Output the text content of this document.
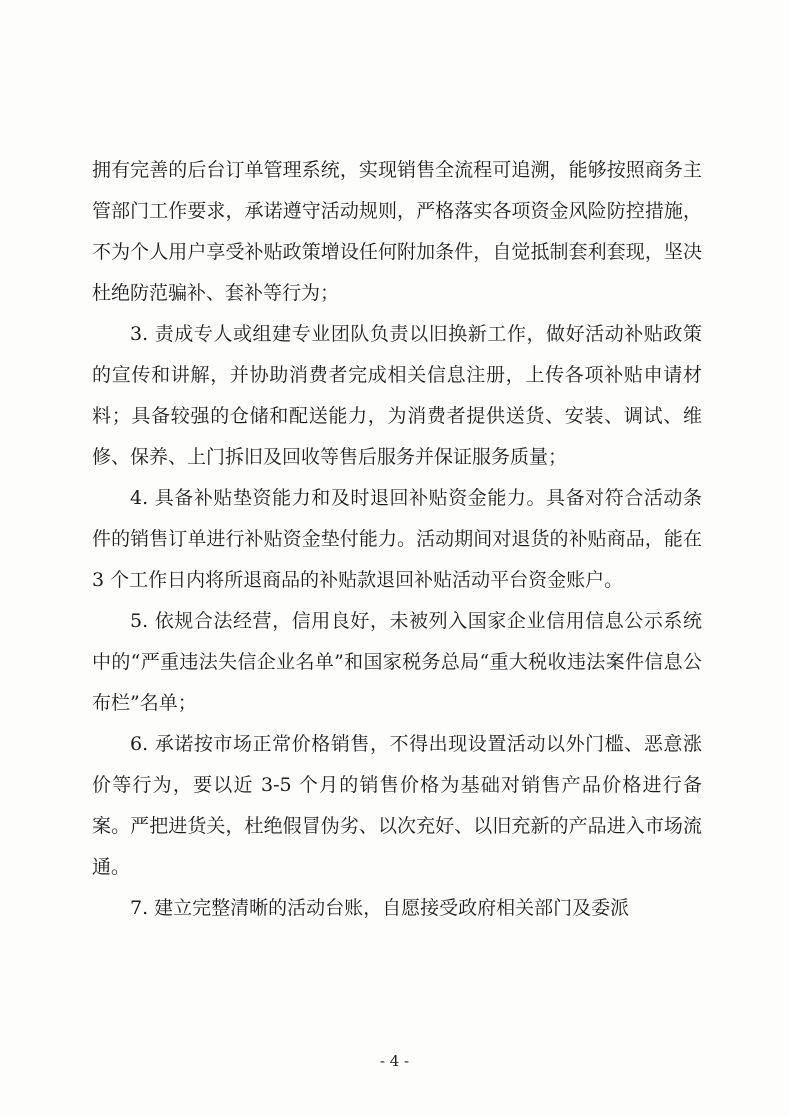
拥有完善的后台订单管理系统，实现销售全流程可追溯，能够按照商务主管部门工作要求，承诺遵守活动规则，严格落实各项资金风险防控措施，不为个人用户享受补贴政策增设任何附加条件，自觉抵制套利套现，坚决杜绝防范骗补、套补等行为；

3. 责成专人或组建专业团队负责以旧换新工作，做好活动补贴政策的宣传和讲解，并协助消费者完成相关信息注册，上传各项补贴申请材料；具备较强的仓储和配送能力，为消费者提供送货、安装、调试、维修、保养、上门拆旧及回收等售后服务并保证服务质量；

4. 具备补贴垫资能力和及时退回补贴资金能力。具备对符合活动条件的销售订单进行补贴资金垫付能力。活动期间对退货的补贴商品，能在 3 个工作日内将所退商品的补贴款退回补贴活动平台资金账户。

5. 依规合法经营，信用良好，未被列入国家企业信用信息公示系统中的“严重违法失信企业名单”和国家税务总局“重大税收违法案件信息公布栏”名单；

6. 承诺按市场正常价格销售，不得出现设置活动以外门槛、恶意涨价等行为，要以近 3-5 个月的销售价格为基础对销售产品价格进行备案。严把进货关，杜绝假冒伪劣、以次充好、以旧充新的产品进入市场流通。

7. 建立完整清晰的活动台账，自愿接受政府相关部门及委派

- 4 -
